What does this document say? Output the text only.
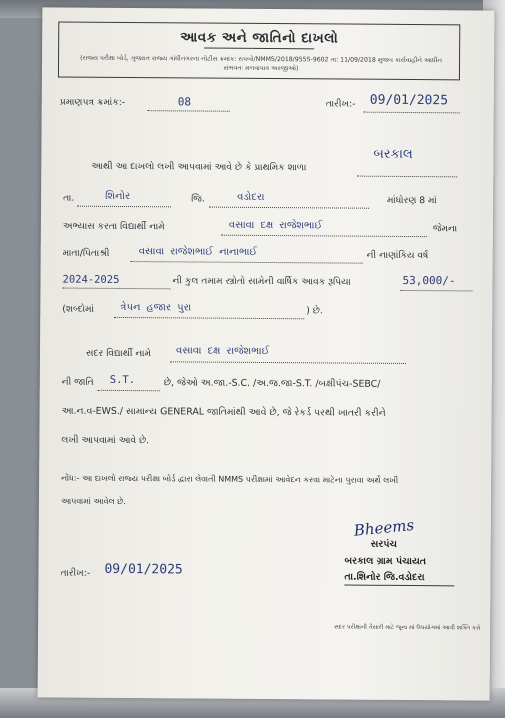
આવક અને જાતિનો દાખલો
(રાજ્ય પરીક્ષા બોર્ડ, ગુજરાત રાજ્ય ગાંધીનગરના નોટીસ ક્રમાંક: રાપબો/NMMS/2018/9555-9602 તા: 11/09/2018 મુજબ કાર્યવાહીને આધીન સંભવતઃ મળવાપાત્ર અરજીઓ)
પ્રમાણપત્ર ક્રમાંક:-	08	તારીખ:- 09/01/2025
આથી આ દાખલો લખી આપવામાં આવે છે કે પ્રાથમિક શાળા
બરકાલ
તા.	શિનોર	જિ.	વડોદરા	માંધોરણ 8 માં
અભ્યાસ કરતા વિદ્યાર્થી નામે	વસાવા દક્ષ રાજેશભાઈ	જેમના
માતા/પિતાશ્રી	વસાવા રાજેશભાઈ નાનાભાઈ	ની નાણાંકિય વર્ષ
2024-2025	ની કુલ તમામ સ્ત્રોતો સામેની વાર્ષિક આવક રૂપિયા	53,000/-
(શબ્દોમાં	ત્રેપન હજાર પુરા	) છે.
સદર વિદ્યાર્થી નામે વસાવા દક્ષ રાજેશભાઈ
ની જાતિ S.T.	છે, જેઓ અ.જા.-S.C. /અ.જ.જા-S.T. /બક્ષીપંચ-SEBC/
આ.ન.વ-EWS./ સામાન્ય GENERAL જાતિમાંથી આવે છે, જે રેકર્ડ પરથી ખાતરી કરીને
લખી આપવામાં આવે છે.
નોંધ:- આ દાખલો રાજ્ય પરીક્ષા બોર્ડ દ્વારા લેવાતી NMMS પરીક્ષામાં આવેદન કરવા માટેના પુરાવા અર્થે લખી
આપવામાં આવેલ છે.
Bheems
સરપંચ
બરકાલ ગ્રામ પંચાયત
તા.શિનોર જિ.વડોદરા
તારીખ:- 09/01/2025
સદર પરીક્ષાની તૈયારી માટે જૂના માં ઉપયોગમાં આવી શક્તિ કરો
